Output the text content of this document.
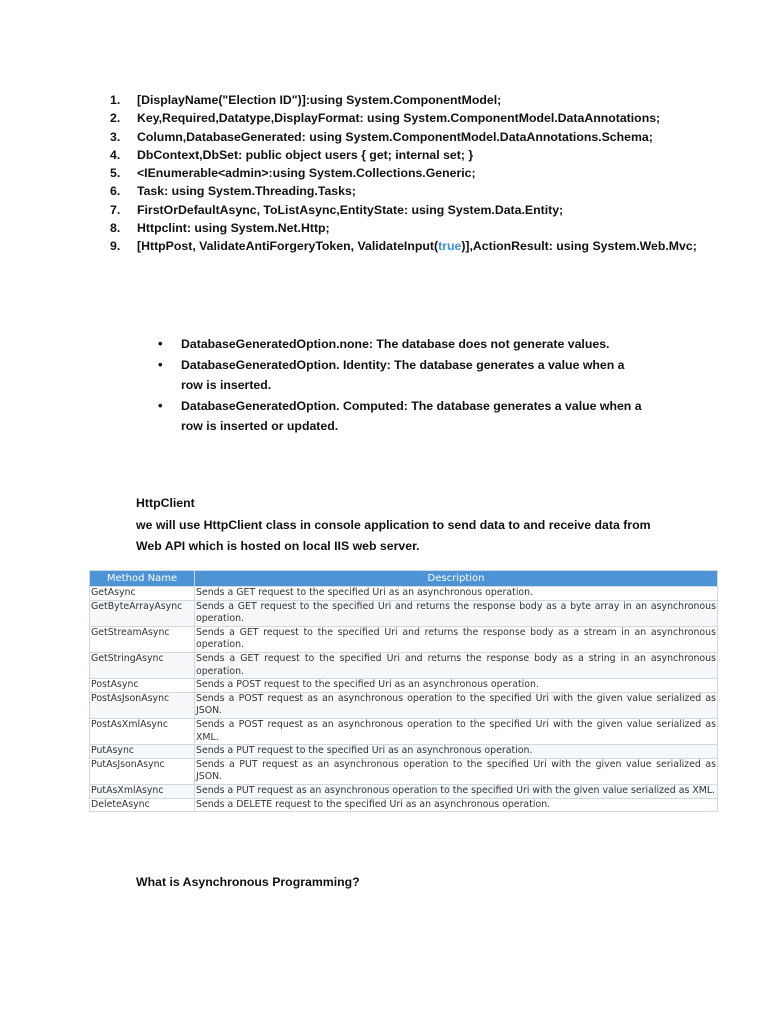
1.	[DisplayName("Election ID")]:using System.ComponentModel;
2.	Key,Required,Datatype,DisplayFormat: using System.ComponentModel.DataAnnotations;
3.	Column,DatabaseGenerated: using System.ComponentModel.DataAnnotations.Schema;
4.	DbContext,DbSet: public object users { get; internal set; }
5.	<IEnumerable<admin>:using System.Collections.Generic;
6.	Task: using System.Threading.Tasks;
7.	FirstOrDefaultAsync, ToListAsync,EntityState: using System.Data.Entity;
8.	Httpclint: using System.Net.Http;
9.	[HttpPost, ValidateAntiForgeryToken, ValidateInput(true)],ActionResult: using System.Web.Mvc;
•	DatabaseGeneratedOption.none: The database does not generate values.
•	DatabaseGeneratedOption. Identity: The database generates a value when a row is inserted.
•	DatabaseGeneratedOption. Computed: The database generates a value when a row is inserted or updated.
HttpClient
we will use HttpClient class in console application to send data to and receive data from Web API which is hosted on local IIS web server.
Method Name	Description
GetAsync	Sends a GET request to the specified Uri as an asynchronous operation.
GetByteArrayAsync	Sends a GET request to the specified Uri and returns the response body as a byte array in an asynchronous operation.
GetStreamAsync	Sends a GET request to the specified Uri and returns the response body as a stream in an asynchronous operation.
GetStringAsync	Sends a GET request to the specified Uri and returns the response body as a string in an asynchronous operation.
PostAsync	Sends a POST request to the specified Uri as an asynchronous operation.
PostAsJsonAsync	Sends a POST request as an asynchronous operation to the specified Uri with the given value serialized as JSON.
PostAsXmlAsync	Sends a POST request as an asynchronous operation to the specified Uri with the given value serialized as XML.
PutAsync	Sends a PUT request to the specified Uri as an asynchronous operation.
PutAsJsonAsync	Sends a PUT request as an asynchronous operation to the specified Uri with the given value serialized as JSON.
PutAsXmlAsync	Sends a PUT request as an asynchronous operation to the specified Uri with the given value serialized as XML.
DeleteAsync	Sends a DELETE request to the specified Uri as an asynchronous operation.
What is Asynchronous Programming?
